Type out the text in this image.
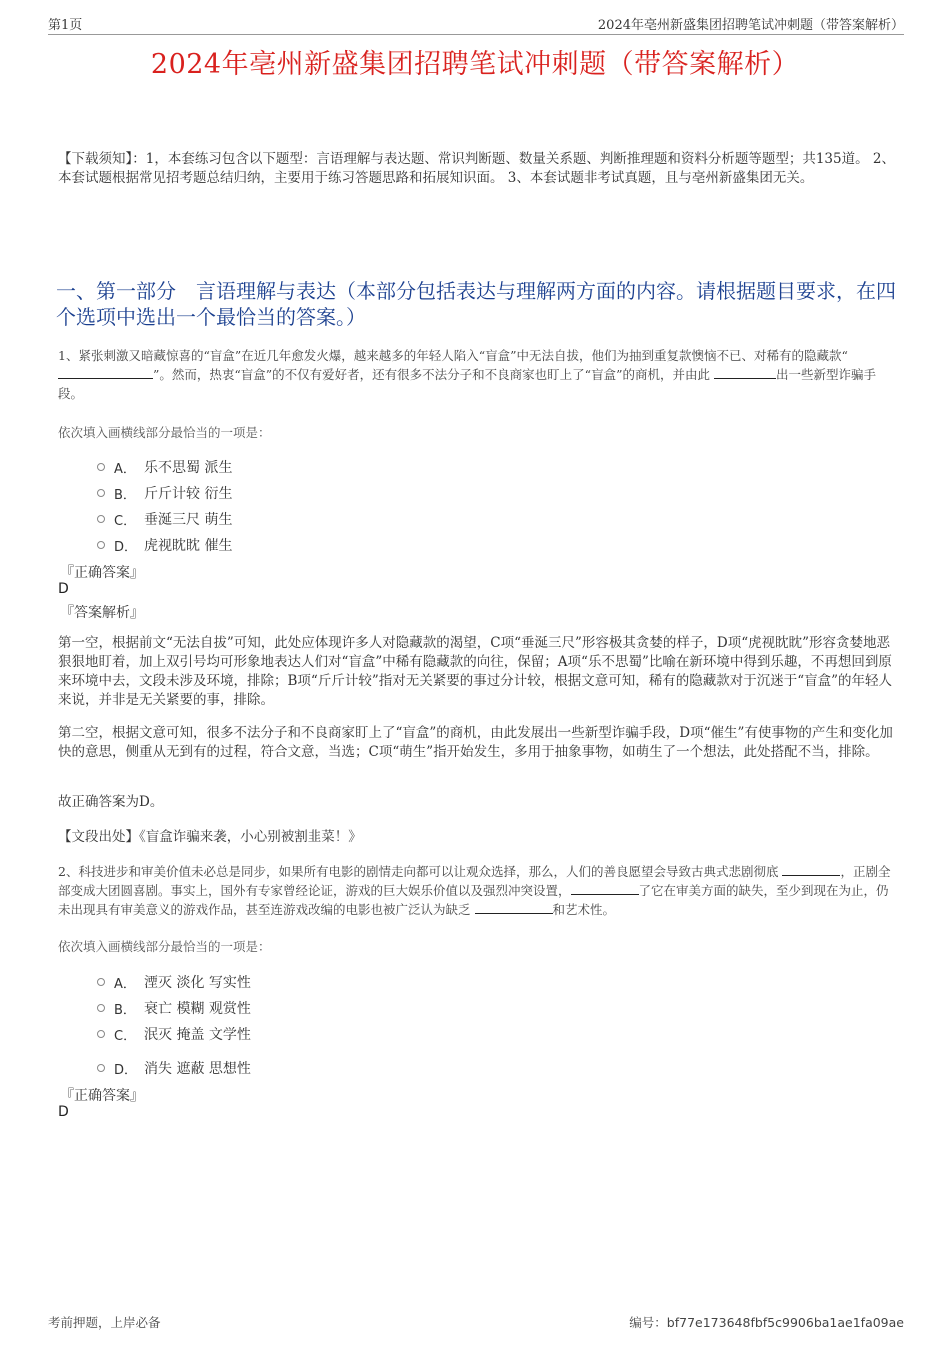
第1页	2024年亳州新盛集团招聘笔试冲刺题（带答案解析）
2024年亳州新盛集团招聘笔试冲刺题（带答案解析）
【下载须知】：1，本套练习包含以下题型：言语理解与表达题、常识判断题、数量关系题、判断推理题和资料分析题等题型；共135道。 2、本套试题根据常见招考题总结归纳，主要用于练习答题思路和拓展知识面。 3、本套试题非考试真题，且与亳州新盛集团无关。
一、第一部分　言语理解与表达（本部分包括表达与理解两方面的内容。请根据题目要求，在四个选项中选出一个最恰当的答案。）
1、紧张刺激又暗藏惊喜的“盲盒”在近几年愈发火爆，越来越多的年轻人陷入“盲盒”中无法自拔，他们为抽到重复款懊恼不已、对稀有的隐藏款“”。然而，热衷“盲盒”的不仅有爱好者，还有很多不法分子和不良商家也盯上了“盲盒”的商机，并由此	出一些新型诈骗手段。
依次填入画横线部分最恰当的一项是：
A． 乐不思蜀 派生
B． 斤斤计较 衍生
C． 垂涎三尺 萌生
D． 虎视眈眈 催生
『正确答案』
D
『答案解析』
第一空，根据前文“无法自拔”可知，此处应体现许多人对隐藏款的渴望，C项“垂涎三尺”形容极其贪婪的样子，D项“虎视眈眈”形容贪婪地恶狠狠地盯着，加上双引号均可形象地表达人们对“盲盒”中稀有隐藏款的向往，保留；A项“乐不思蜀”比喻在新环境中得到乐趣，不再想回到原来环境中去，文段未涉及环境，排除；B项“斤斤计较”指对无关紧要的事过分计较，根据文意可知，稀有的隐藏款对于沉迷于“盲盒”的年轻人来说，并非是无关紧要的事，排除。
第二空，根据文意可知，很多不法分子和不良商家盯上了“盲盒”的商机，由此发展出一些新型诈骗手段，D项“催生”有使事物的产生和变化加快的意思，侧重从无到有的过程，符合文意，当选；C项“萌生”指开始发生，多用于抽象事物，如萌生了一个想法，此处搭配不当，排除。
故正确答案为D。
【文段出处】《盲盒诈骗来袭，小心别被割韭菜！》
2、科技进步和审美价值未必总是同步，如果所有电影的剧情走向都可以让观众选择，那么，人们的善良愿望会导致古典式悲剧彻底	，正剧全部变成大团圆喜剧。事实上，国外有专家曾经论证，游戏的巨大娱乐价值以及强烈冲突设置，	了它在审美方面的缺失，至少到现在为止，仍未出现具有审美意义的游戏作品，甚至连游戏改编的电影也被广泛认为缺乏	和艺术性。
依次填入画横线部分最恰当的一项是：
A． 湮灭 淡化 写实性
B． 衰亡 模糊 观赏性
C． 泯灭 掩盖 文学性
D． 消失 遮蔽 思想性
『正确答案』
D
考前押题，上岸必备	编号：bf77e173648fbf5c9906ba1ae1fa09ae
